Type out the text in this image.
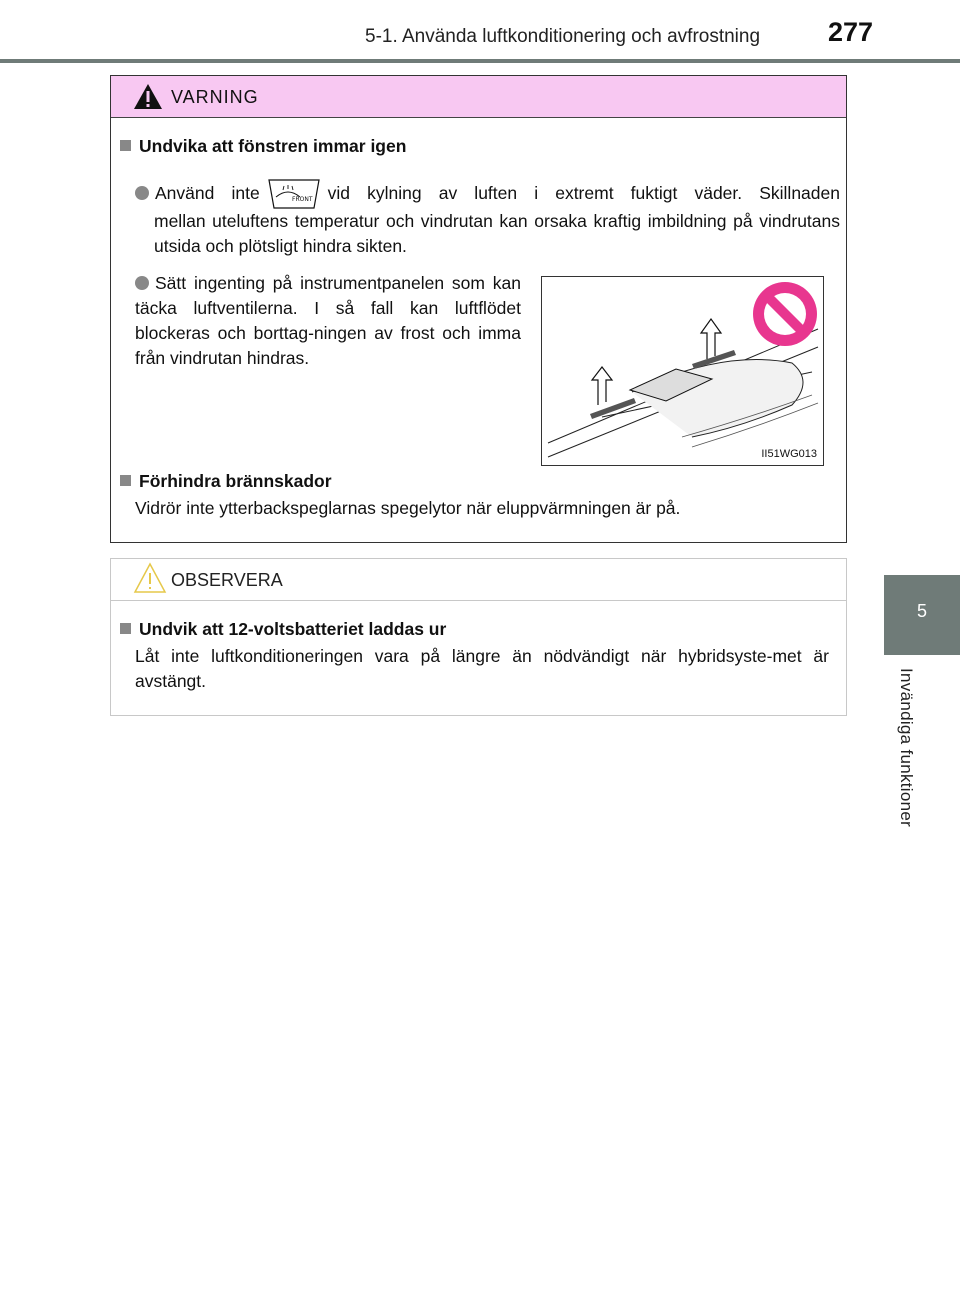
5-1. Använda luftkonditionering och avfrostning	277
5
Invändiga funktioner
VARNING
Undvika att fönstren immar igen
Använd inte	FRONT vid kylning av luften i extremt fuktigt väder. Skillnaden
mellan uteluftens temperatur och vindrutan kan orsaka kraftig imbildning på vindrutans utsida och plötsligt hindra sikten.
Sätt ingenting på instrumentpanelen som kan täcka luftventilerna. I så fall kan luftflödet blockeras och borttag-ningen av frost och imma från vindrutan hindras.
II51WG013
Förhindra brännskador
Vidrör inte ytterbackspeglarnas spegelytor när eluppvärmningen är på.
OBSERVERA
Undvik att 12-voltsbatteriet laddas ur
Låt inte luftkonditioneringen vara på längre än nödvändigt när hybridsyste-met är avstängt.
